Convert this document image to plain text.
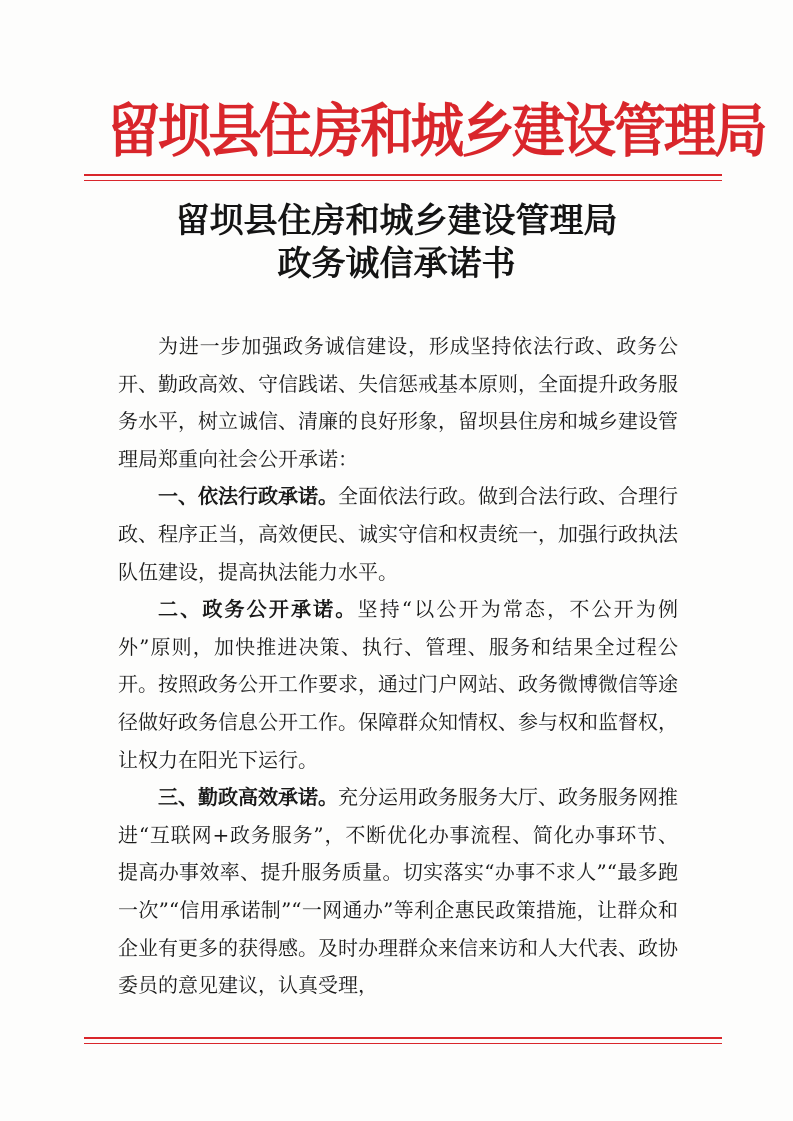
留坝县住房和城乡建设管理局
留坝县住房和城乡建设管理局
政务诚信承诺书

为进一步加强政务诚信建设，形成坚持依法行政、政务公开、勤政高效、守信践诺、失信惩戒基本原则，全面提升政务服务水平，树立诚信、清廉的良好形象，留坝县住房和城乡建设管理局郑重向社会公开承诺：

一、依法行政承诺。全面依法行政。做到合法行政、合理行政、程序正当，高效便民、诚实守信和权责统一，加强行政执法队伍建设，提高执法能力水平。

二、政务公开承诺。坚持“以公开为常态，不公开为例外”原则，加快推进决策、执行、管理、服务和结果全过程公开。按照政务公开工作要求，通过门户网站、政务微博微信等途径做好政务信息公开工作。保障群众知情权、参与权和监督权，让权力在阳光下运行。

三、勤政高效承诺。充分运用政务服务大厅、政务服务网推进“互联网+政务服务”，不断优化办事流程、简化办事环节、 提高办事效率、提升服务质量。切实落实“办事不求人”“最多跑一次”“信用承诺制”“一网通办”等利企惠民政策措施，让群众和企业有更多的获得感。及时办理群众来信来访和人大代表、政协委员的意见建议，认真受理，
